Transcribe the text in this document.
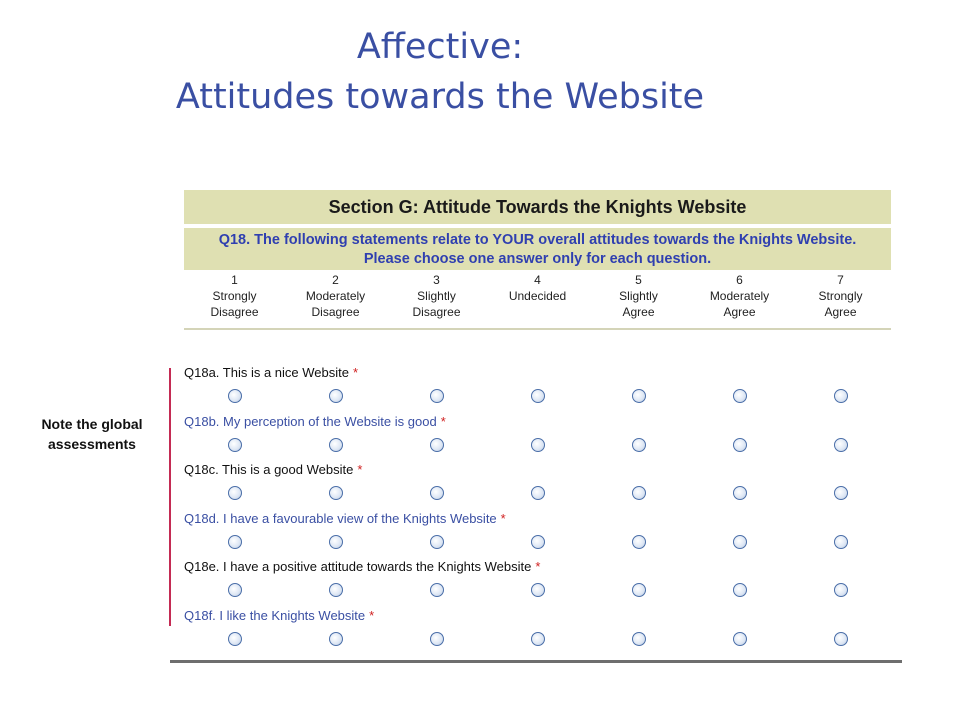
Affective:
Attitudes towards the Website
Section G: Attitude Towards the Knights Website
Q18. The following statements relate to YOUR overall attitudes towards the Knights Website.
Please choose one answer only for each question.
1
Strongly
Disagree
2
Moderately
Disagree
3
Slightly
Disagree
4
Undecided
5
Slightly
Agree
6
Moderately
Agree
7
Strongly
Agree
Note the global
assessments
Q18a. This is a nice Website *
Q18b. My perception of the Website is good *
Q18c. This is a good Website *
Q18d. I have a favourable view of the Knights Website *
Q18e. I have a positive attitude towards the Knights Website *
Q18f. I like the Knights Website *
